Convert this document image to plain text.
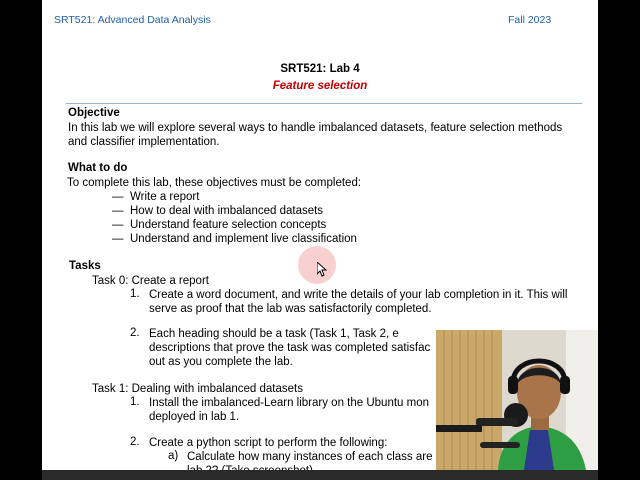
SRT521: Advanced Data Analysis	Fall 2023
SRT521: Lab 4
Feature selection
Objective
In this lab we will explore several ways to handle imbalanced datasets, feature selection methods
and classifier implementation.
What to do
To complete this lab, these objectives must be completed:
— Write a report
— How to deal with imbalanced datasets
— Understand feature selection concepts
— Understand and implement live classification
Tasks
Task 0: Create a report
1. Create a word document, and write the details of your lab completion in it. This will
serve as proof that the lab was satisfactorily completed.
2. Each heading should be a task (Task 1, Task 2, e
descriptions that prove the task was completed satisfac
out as you complete the lab.
Task 1: Dealing with imbalanced datasets
1. Install the imbalanced-Learn library on the Ubuntu mon
deployed in lab 1.
2. Create a python script to perform the following:
a) Calculate how many instances of each class are
